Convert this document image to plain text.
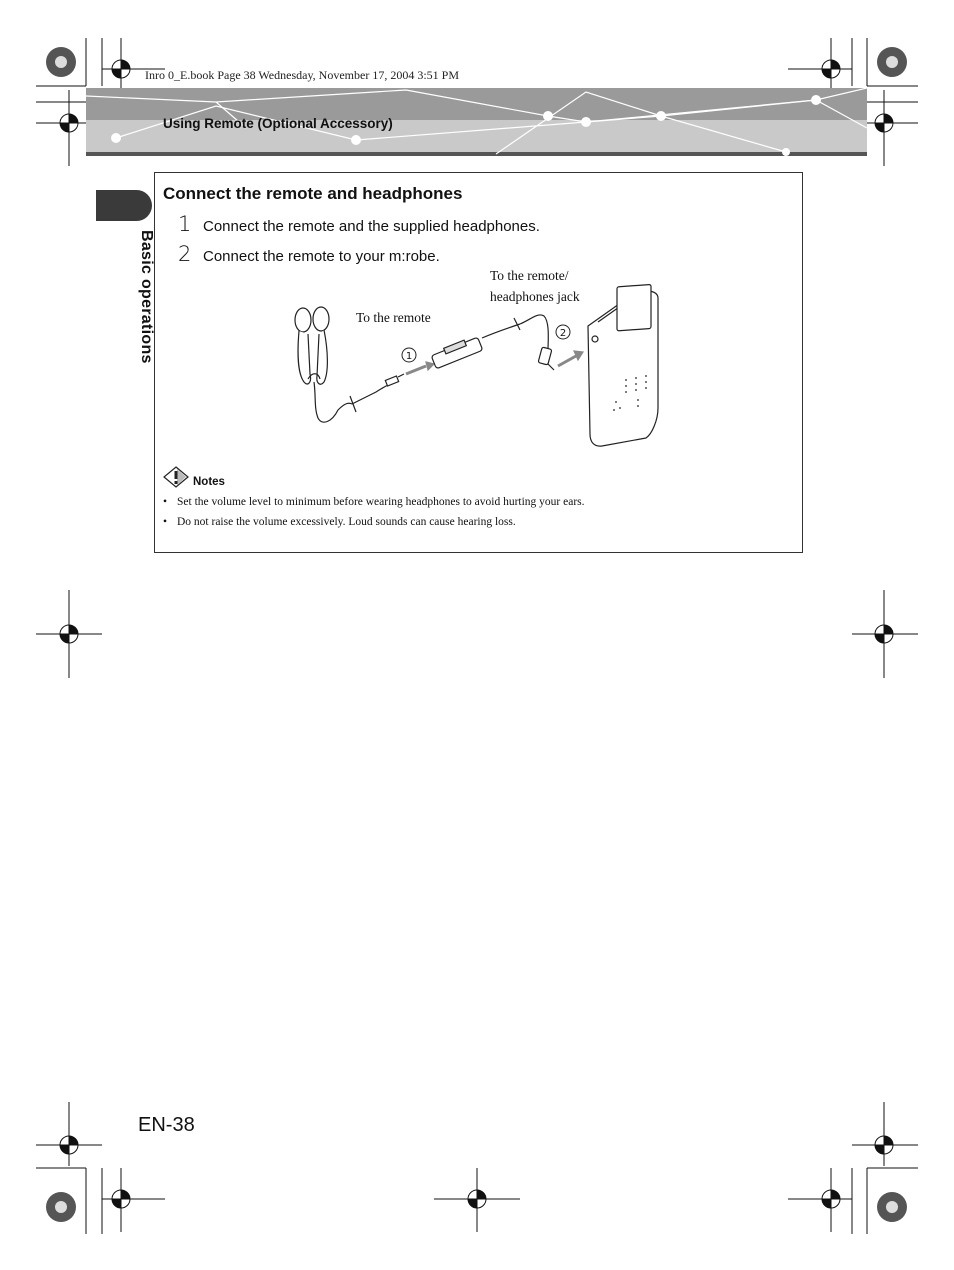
Inro 0_E.book Page 38 Wednesday, November 17, 2004 3:51 PM
Using Remote (Optional Accessory)
Basic operations
Connect the remote and headphones
1 Connect the remote and the supplied headphones.
2 Connect the remote to your m:robe.
To the remote
To the remote/
headphones jack
1
2
Notes
• Set the volume level to minimum before wearing headphones to avoid hurting your ears.
• Do not raise the volume excessively. Loud sounds can cause hearing loss.
EN-38
